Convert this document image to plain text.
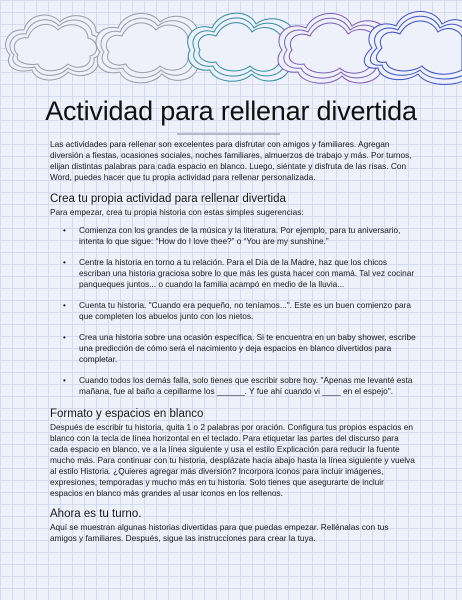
Actividad para rellenar divertida

Las actividades para rellenar son excelentes para disfrutar con amigos y familiares. Agregan diversión a fiestas, ocasiones sociales, noches familiares, almuerzos de trabajo y más. Por turnos, elijan distintas palabras para cada espacio en blanco. Luego, siéntate y disfruta de las risas. Con Word, puedes hacer que tu propia actividad para rellenar personalizada.

Crea tu propia actividad para rellenar divertida

Para empezar, crea tu propia historia con estas simples sugerencias:

• Comienza con los grandes de la música y la literatura. Por ejemplo, para tu aniversario, intenta lo que sigue: “How do I love thee?” o “You are my sunshine.”
• Centre la historia en torno a tu relación. Para el Día de la Madre, haz que los chicos escriban una historia graciosa sobre lo que más les gusta hacer con mamá. Tal vez cocinar panqueques juntos... o cuando la familia acampó en medio de la lluvia...
• Cuenta tu historia. "Cuando era pequeño, no teníamos...". Este es un buen comienzo para que completen los abuelos junto con los nietos.
• Crea una historia sobre una ocasión específica. Si te encuentra en un baby shower, escribe una predicción de cómo será el nacimiento y deja espacios en blanco divertidos para completar.
• Cuando todos los demás falla, solo tienes que escribir sobre hoy. "Apenas me levanté esta mañana, fue al baño a cepillarme los ______. Y fue ahí cuando vi ____ en el espejo".
Formato y espacios en blanco

Después de escribir tu historia, quita 1 o 2 palabras por oración. Configura tus propios espacios en blanco con la tecla de línea horizontal en el teclado. Para etiquetar las partes del discurso para cada espacio en blanco, ve a la línea siguiente y usa el estilo Explicación para reducir la fuente mucho más. Para continuar con tu historia, desplázate hacia abajo hasta la línea siguiente y vuelva al estilo Historia. ¿Quieres agregar más diversión? Incorpora iconos para incluir imágenes, expresiones, temporadas y mucho más en tu historia. Solo tienes que asegurarte de incluir espacios en blanco más grandes al usar iconos en los rellenos.

Ahora es tu turno.

Aquí se muestran algunas historias divertidas para que puedas empezar. Rellénalas con tus amigos y familiares. Después, sigue las instrucciones para crear la tuya.
